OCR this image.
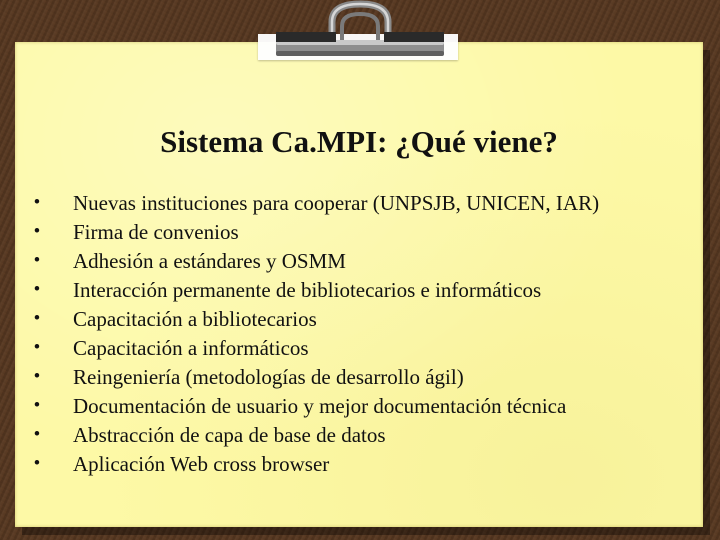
Sistema Ca.MPI: ¿Qué viene?
• Nuevas instituciones para cooperar (UNPSJB, UNICEN, IAR)
• Firma de convenios
• Adhesión a estándares y OSMM
• Interacción permanente de bibliotecarios e informáticos
• Capacitación a bibliotecarios
• Capacitación a informáticos
• Reingeniería (metodologías de desarrollo ágil)
• Documentación de usuario y mejor documentación técnica
• Abstracción de capa de base de datos
• Aplicación Web cross browser
